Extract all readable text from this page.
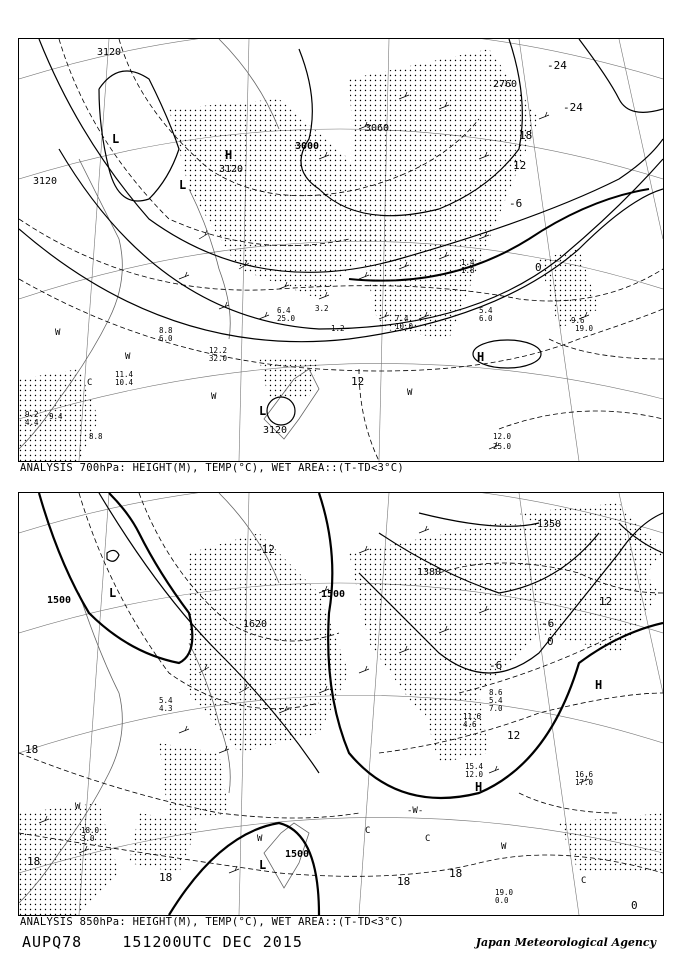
3120
3120
3120
3120
3000
3060
2760
-24
-24
18
12
-6
0
12
L
L
H
L
H
W
W
W
C
W
12.2
32.0
11.4
10.4
12.0
25.0
9.6
19.0
5.4
6.0
7.4
10.0
3.2
1.2
1.4
1.8
6.4
25.0
8.8
6.0
9.2
4.4
9.4
8.8
ANALYSIS 700hPa: HEIGHT(M), TEMP(°C), WET AREA::(T-TD<3°C)
1500
1500
1500
1620
1380
1350
-12
-6
-6
0
12
12
18
18
18	18
18
0
L
L
H
H
W
W
-W-
C
C
C
W
15.4
12.0	16.6
17.0
19.0
0.0
11.6
4.6
8.6
5.4
7.0
18.0
3.0
5.4
4.3
ANALYSIS 850hPa: HEIGHT(M), TEMP(°C), WET AREA::(T-TD<3°C)
AUPQ78	151200UTC DEC 2015	Japan Meteorological Agency
